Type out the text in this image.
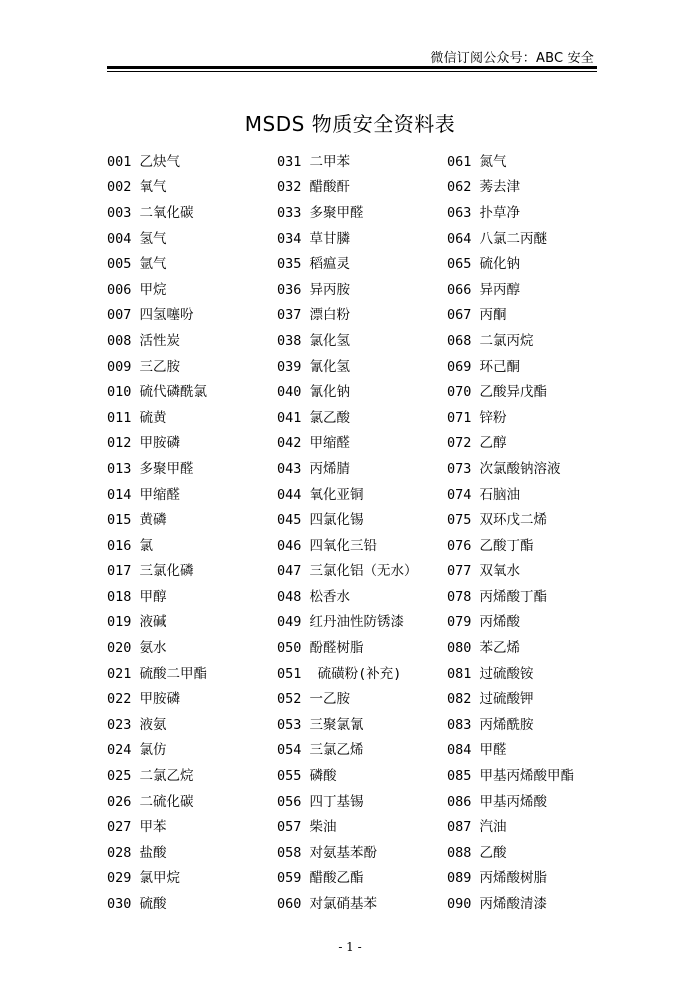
微信订阅公众号：ABC 安全
MSDS 物质安全资料表
001 乙炔气	031 二甲苯	061 氮气
002 氧气	032 醋酸酐	062 莠去津
003 二氧化碳	033 多聚甲醛	063 扑草净
004 氢气	034 草甘膦	064 八氯二丙醚
005 氩气	035 稻瘟灵	065 硫化钠
006 甲烷	036 异丙胺	066 异丙醇
007 四氢噻吩	037 漂白粉	067 丙酮
008 活性炭	038 氯化氢	068 二氯丙烷
009 三乙胺	039 氰化氢	069 环己酮
010 硫代磷酰氯	040 氰化钠	070 乙酸异戊酯
011 硫黄	041 氯乙酸	071 锌粉
012 甲胺磷	042 甲缩醛	072 乙醇
013 多聚甲醛	043 丙烯腈	073 次氯酸钠溶液
014 甲缩醛	044 氧化亚铜	074 石脑油
015 黄磷	045 四氯化锡	075 双环戊二烯
016 氯	046 四氧化三铅	076 乙酸丁酯
017 三氯化磷	047 三氯化铝（无水）	077 双氧水
018 甲醇	048 松香水	078 丙烯酸丁酯
019 液碱	049 红丹油性防锈漆	079 丙烯酸
020 氨水	050 酚醛树脂	080 苯乙烯
021 硫酸二甲酯	051  硫磺粉(补充)	081 过硫酸铵
022 甲胺磷	052 一乙胺	082 过硫酸钾
023 液氨	053 三聚氯氰	083 丙烯酰胺
024 氯仿	054 三氯乙烯	084 甲醛
025 二氯乙烷	055 磷酸	085 甲基丙烯酸甲酯
026 二硫化碳	056 四丁基锡	086 甲基丙烯酸
027 甲苯	057 柴油	087 汽油
028 盐酸	058 对氨基苯酚	088 乙酸
029 氯甲烷	059 醋酸乙酯	089 丙烯酸树脂
030 硫酸	060 对氯硝基苯	090 丙烯酸清漆
- 1 -
